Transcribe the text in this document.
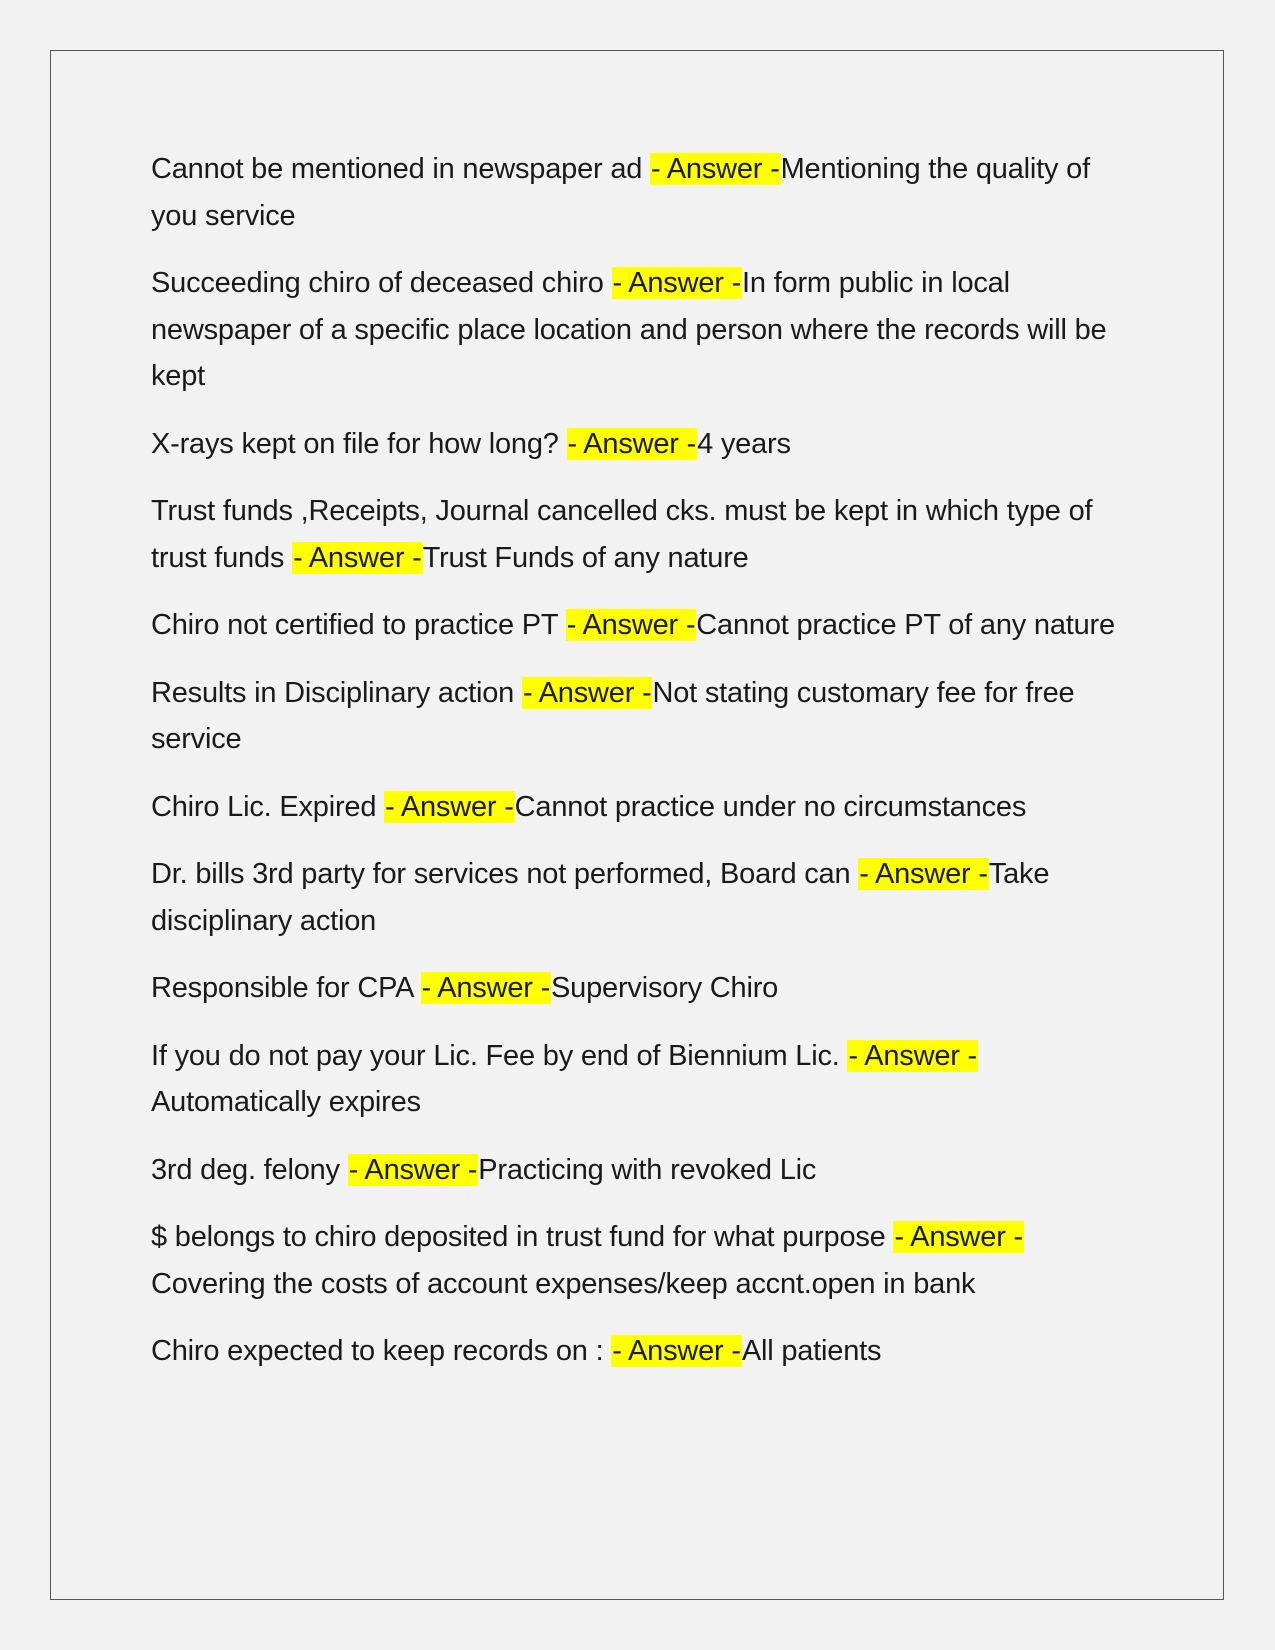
Cannot be mentioned in newspaper ad - Answer -Mentioning the quality of you service

Succeeding chiro of deceased chiro - Answer -In form public in local newspaper of a specific place location and person where the records will be kept

X-rays kept on file for how long? - Answer -4 years

Trust funds ,Receipts, Journal cancelled cks. must be kept in which type of trust funds - Answer -Trust Funds of any nature

Chiro not certified to practice PT - Answer -Cannot practice PT of any nature

Results in Disciplinary action - Answer -Not stating customary fee for free service

Chiro Lic. Expired - Answer -Cannot practice under no circumstances

Dr. bills 3rd party for services not performed, Board can - Answer -Take disciplinary action

Responsible for CPA - Answer -Supervisory Chiro

If you do not pay your Lic. Fee by end of Biennium Lic. - Answer -Automatically expires

3rd deg. felony - Answer -Practicing with revoked Lic

$ belongs to chiro deposited in trust fund for what purpose - Answer -Covering the costs of account expenses/keep accnt.open in bank

Chiro expected to keep records on : - Answer -All patients
